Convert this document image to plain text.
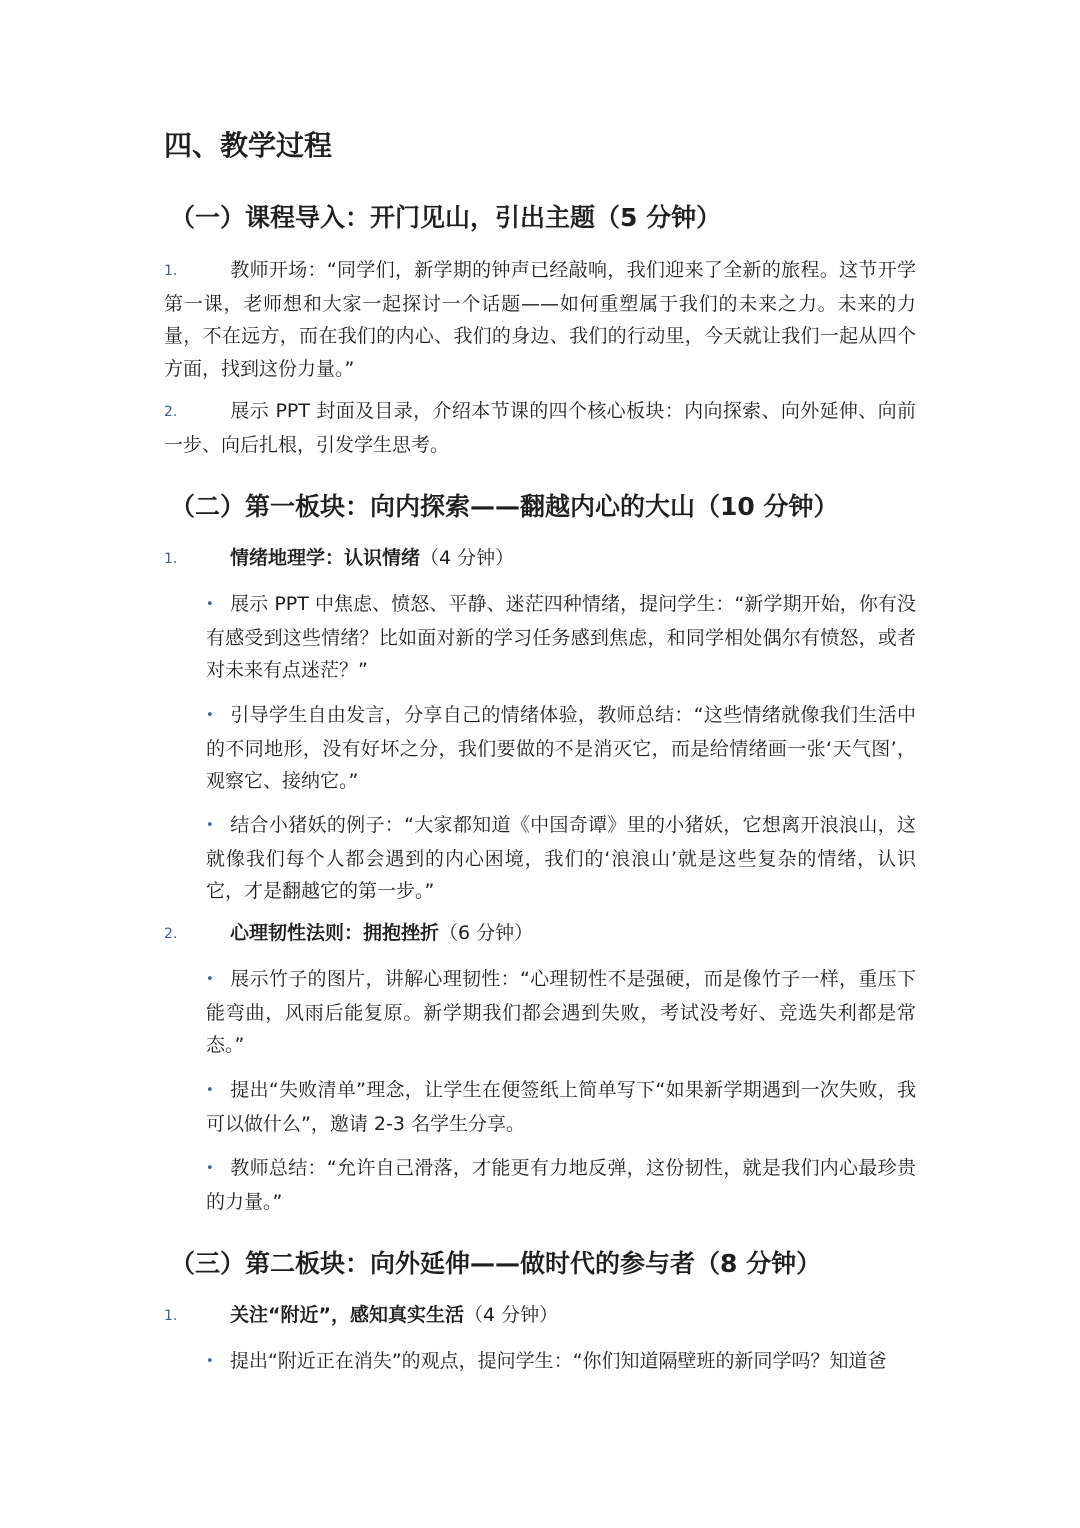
四、教学过程
（一）课程导入：开门见山，引出主题（5 分钟）

1.	教师开场：“同学们，新学期的钟声已经敲响，我们迎来了全新的旅程。这节开学第一课，老师想和大家一起探讨一个话题——如何重塑属于我们的未来之力。未来的力量，不在远方，而在我们的内心、我们的身边、我们的行动里，今天就让我们一起从四个方面，找到这份力量。”

2.	展示 PPT 封面及目录，介绍本节课的四个核心板块：内向探索、向外延伸、向前一步、向后扎根，引发学生思考。

（二）第一板块：向内探索——翻越内心的大山（10 分钟）

1.	情绪地理学：认识情绪（4 分钟）

• 展示 PPT 中焦虑、愤怒、平静、迷茫四种情绪，提问学生：“新学期开始，你有没有感受到这些情绪？比如面对新的学习任务感到焦虑，和同学相处偶尔有愤怒，或者对未来有点迷茫？”

• 引导学生自由发言，分享自己的情绪体验，教师总结：“这些情绪就像我们生活中的不同地形，没有好坏之分，我们要做的不是消灭它，而是给情绪画一张‘天气图’，观察它、接纳它。”

• 结合小猪妖的例子：“大家都知道《中国奇谭》里的小猪妖，它想离开浪浪山，这就像我们每个人都会遇到的内心困境，我们的‘浪浪山’就是这些复杂的情绪，认识它，才是翻越它的第一步。”

2.	心理韧性法则：拥抱挫折（6 分钟）

• 展示竹子的图片，讲解心理韧性：“心理韧性不是强硬，而是像竹子一样，重压下能弯曲，风雨后能复原。新学期我们都会遇到失败，考试没考好、竞选失利都是常态。”

• 提出“失败清单”理念，让学生在便签纸上简单写下“如果新学期遇到一次失败，我可以做什么”，邀请 2-3 名学生分享。

• 教师总结：“允许自己滑落，才能更有力地反弹，这份韧性，就是我们内心最珍贵的力量。”

（三）第二板块：向外延伸——做时代的参与者（8 分钟）

1.	关注“附近”，感知真实生活（4 分钟）

• 提出“附近正在消失”的观点，提问学生：“你们知道隔壁班的新同学吗？知道爸
